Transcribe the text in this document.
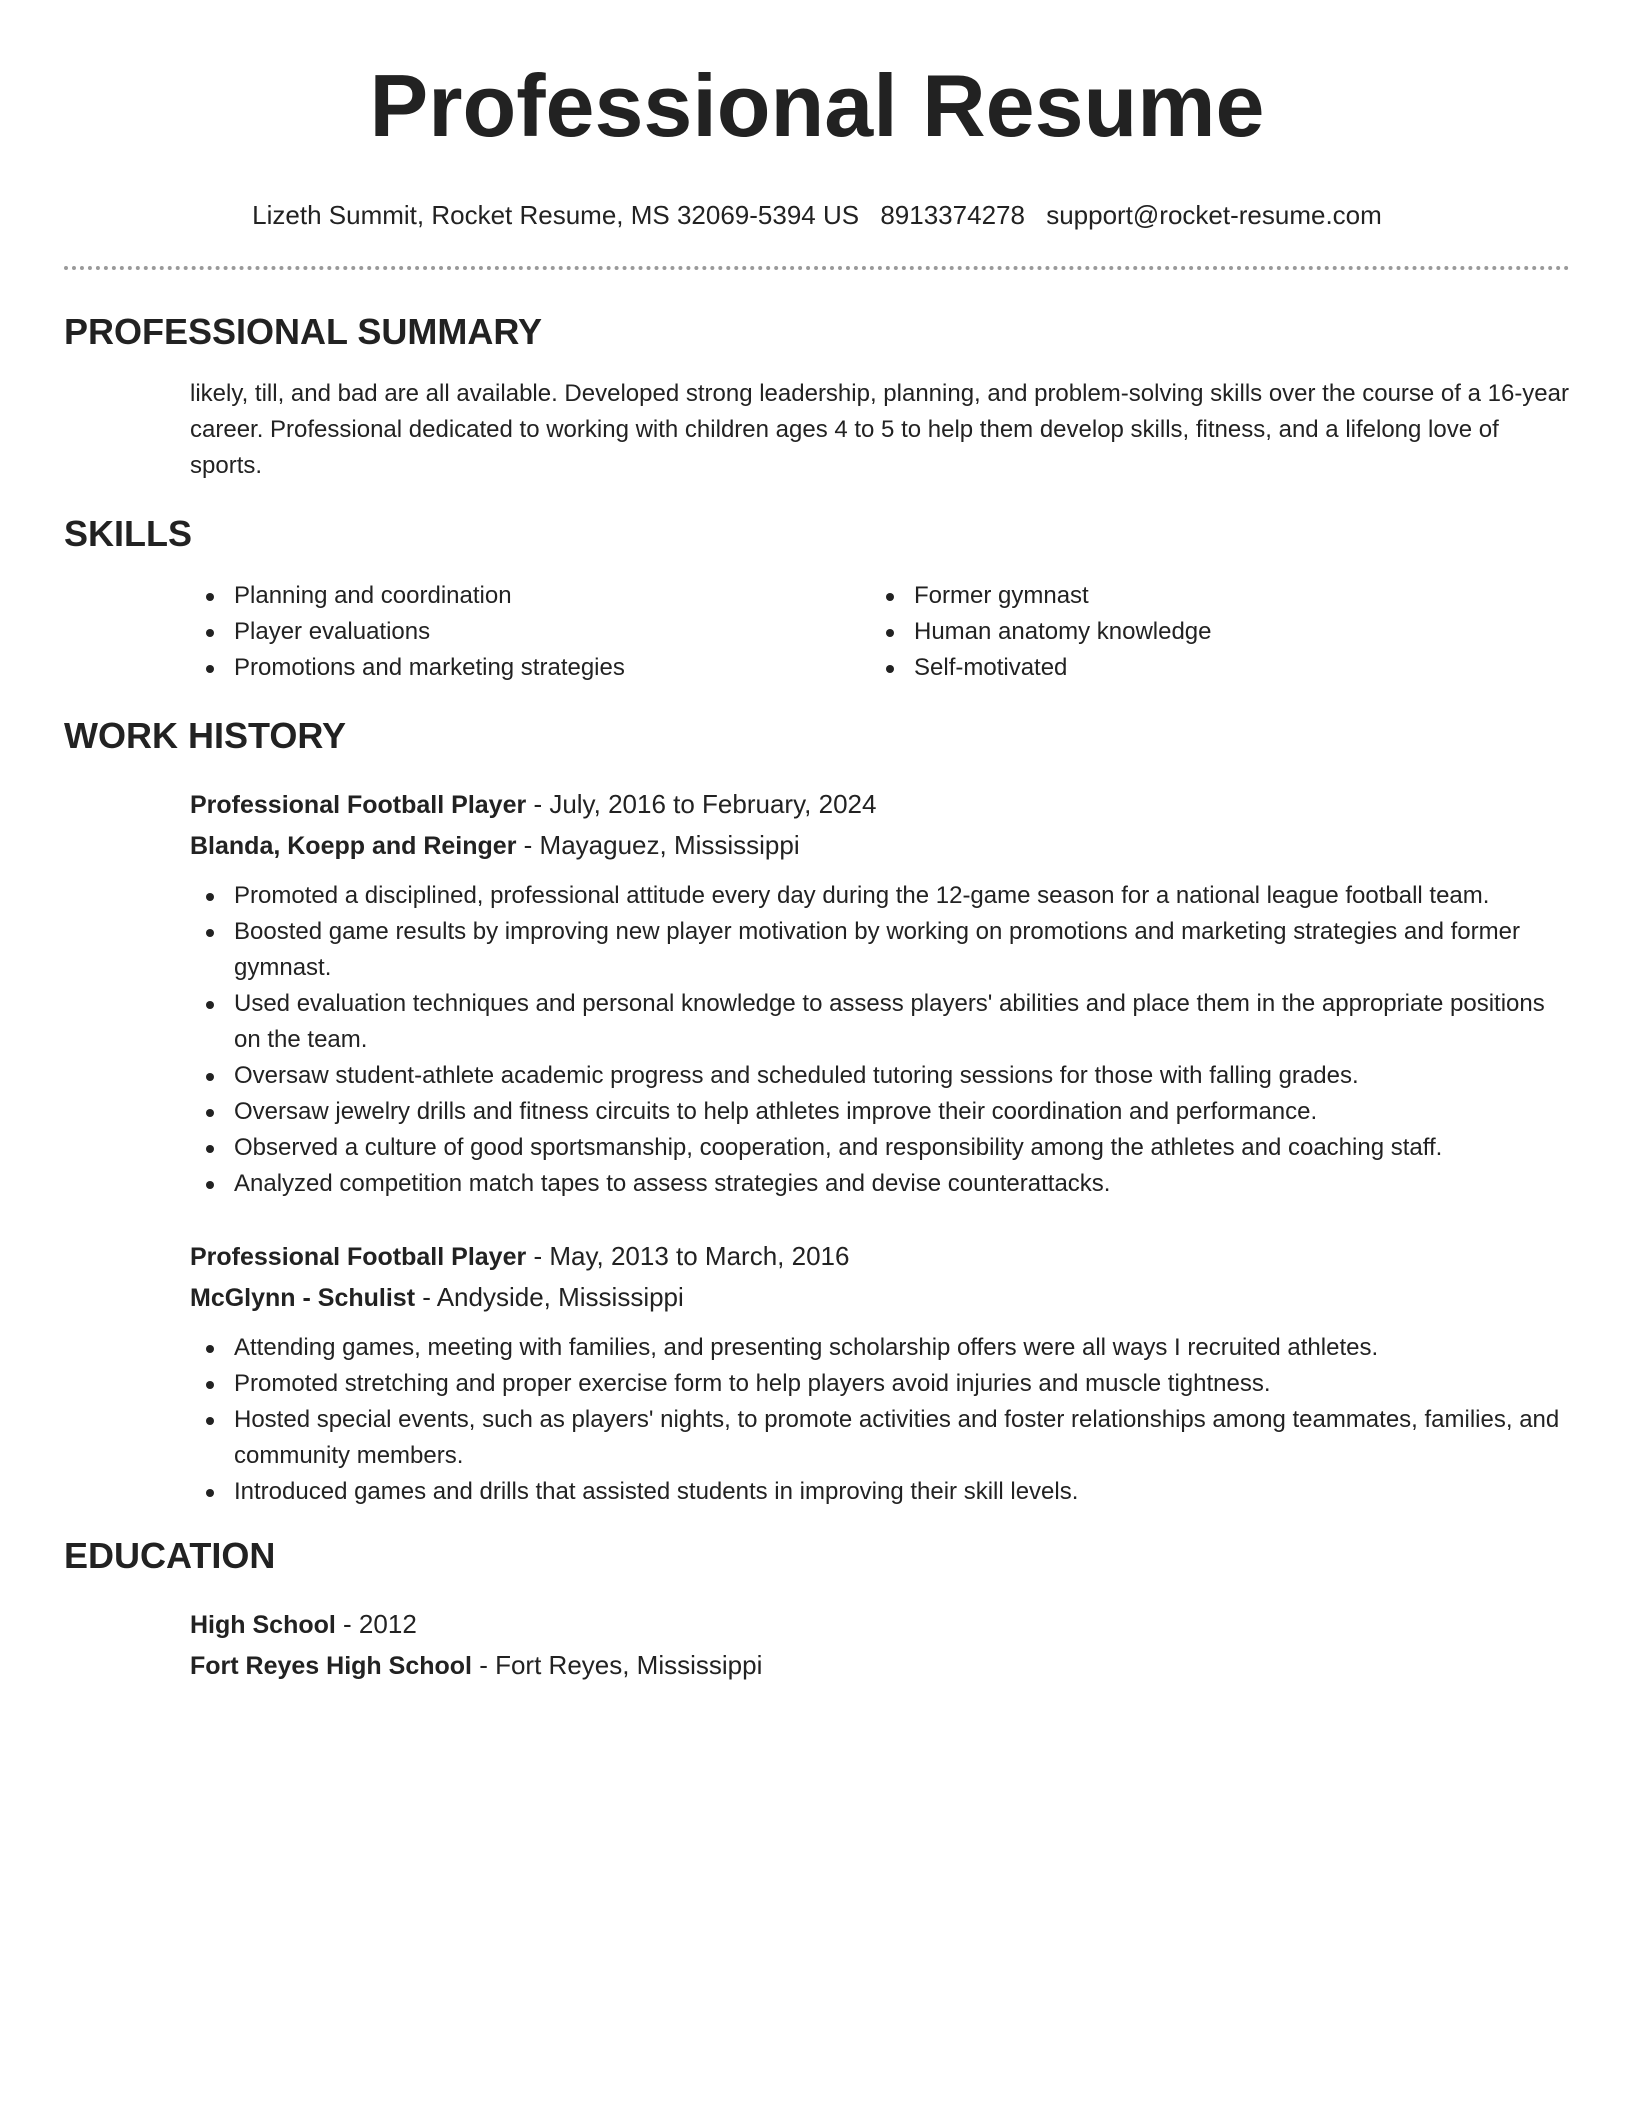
Professional Resume
Lizeth Summit, Rocket Resume, MS 32069-5394 US 8913374278 support@rocket-resume.com
PROFESSIONAL SUMMARY
likely, till, and bad are all available. Developed strong leadership, planning, and problem-solving skills over the course of a 16-year career. Professional dedicated to working with children ages 4 to 5 to help them develop skills, fitness, and a lifelong love of sports.
SKILLS
Planning and coordination
Player evaluations
Promotions and marketing strategies
Former gymnast
Human anatomy knowledge
Self-motivated
WORK HISTORY
Professional Football Player - July, 2016 to February, 2024
Blanda, Koepp and Reinger - Mayaguez, Mississippi
Promoted a disciplined, professional attitude every day during the 12-game season for a national league football team.
Boosted game results by improving new player motivation by working on promotions and marketing strategies and former gymnast.
Used evaluation techniques and personal knowledge to assess players' abilities and place them in the appropriate positions on the team.
Oversaw student-athlete academic progress and scheduled tutoring sessions for those with falling grades.
Oversaw jewelry drills and fitness circuits to help athletes improve their coordination and performance.
Observed a culture of good sportsmanship, cooperation, and responsibility among the athletes and coaching staff.
Analyzed competition match tapes to assess strategies and devise counterattacks.
Professional Football Player - May, 2013 to March, 2016
McGlynn - Schulist - Andyside, Mississippi
Attending games, meeting with families, and presenting scholarship offers were all ways I recruited athletes.
Promoted stretching and proper exercise form to help players avoid injuries and muscle tightness.
Hosted special events, such as players' nights, to promote activities and foster relationships among teammates, families, and community members.
Introduced games and drills that assisted students in improving their skill levels.
EDUCATION
High School - 2012
Fort Reyes High School - Fort Reyes, Mississippi
